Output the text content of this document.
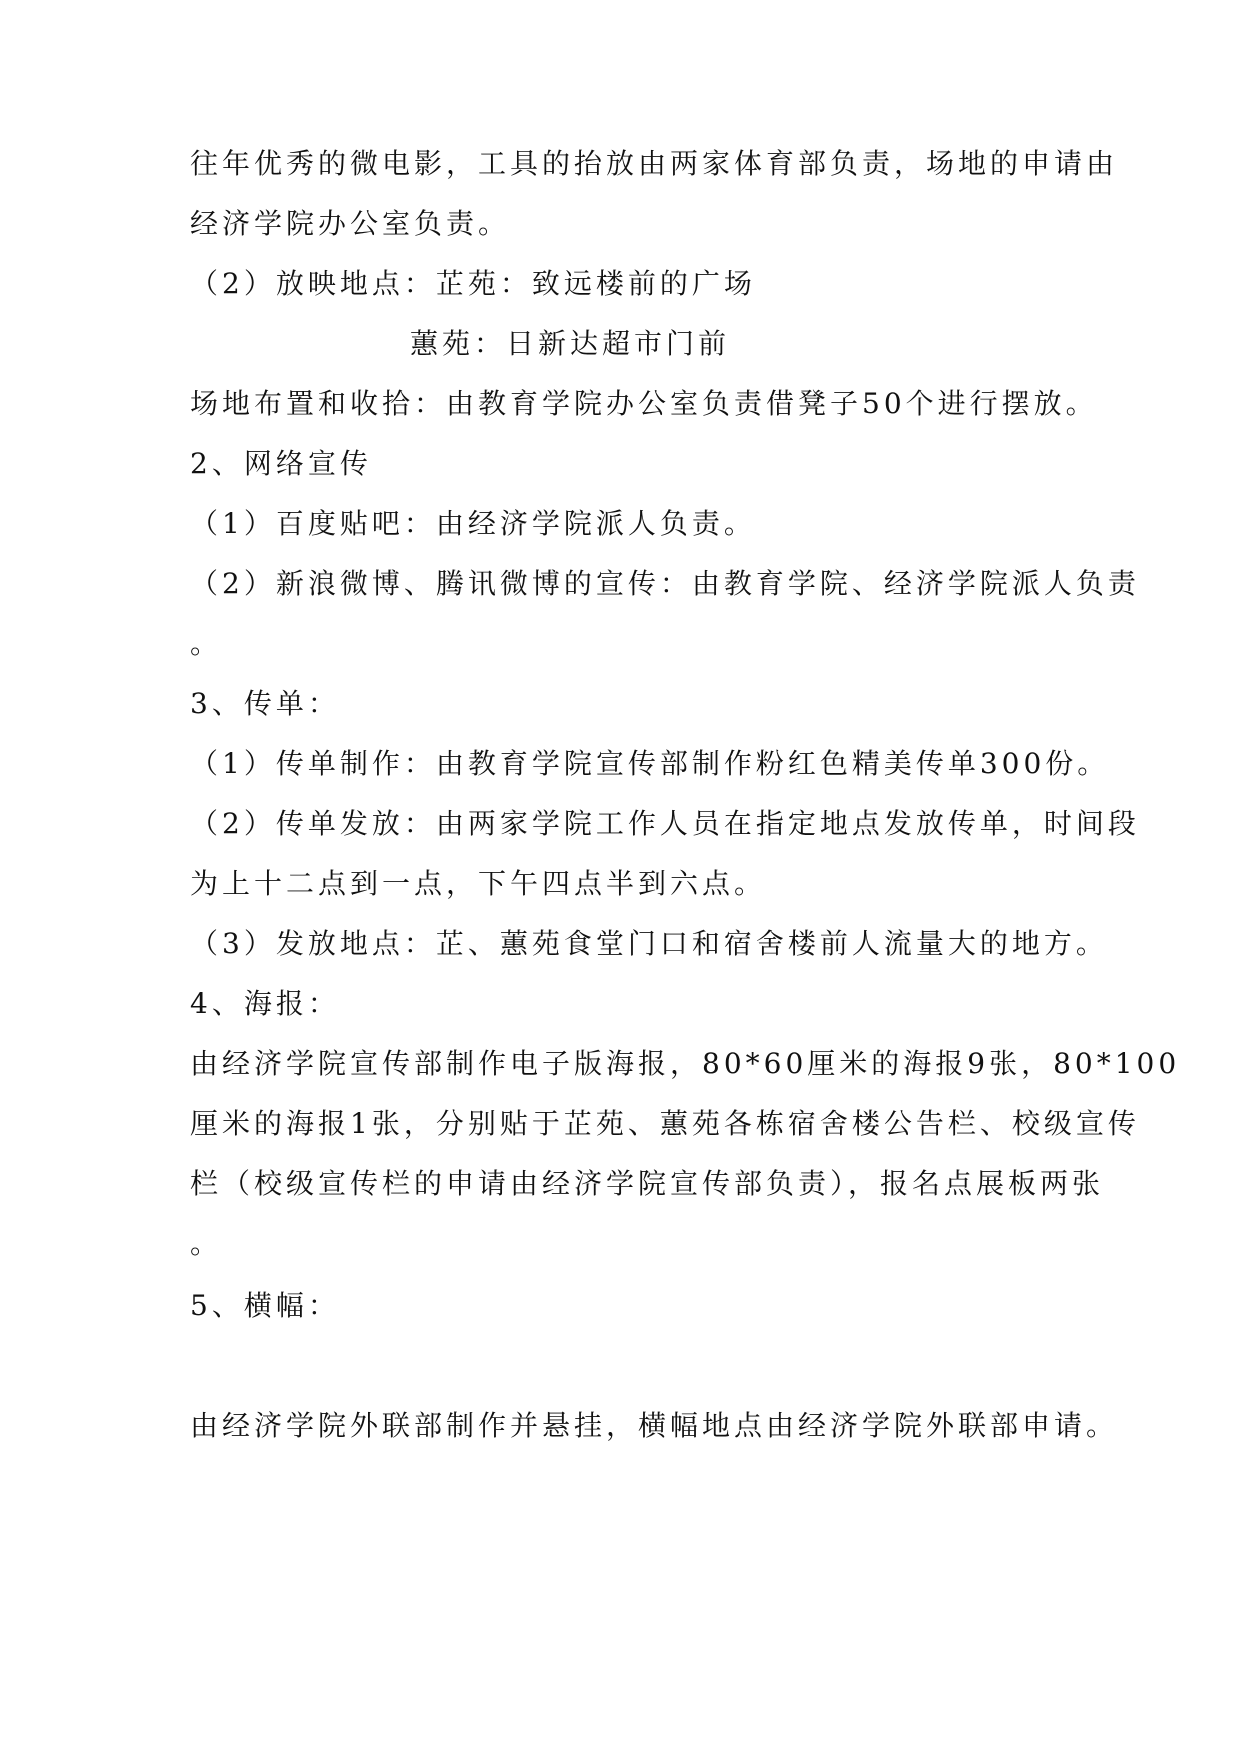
往年优秀的微电影，工具的抬放由两家体育部负责，场地的申请由
经济学院办公室负责。
（2）放映地点：芷苑：致远楼前的广场
蕙苑：日新达超市门前
场地布置和收拾：由教育学院办公室负责借凳子50个进行摆放。
2、网络宣传
（1）百度贴吧：由经济学院派人负责。
（2）新浪微博、腾讯微博的宣传：由教育学院、经济学院派人负责
。
3、传单：
（1）传单制作：由教育学院宣传部制作粉红色精美传单300份。
（2）传单发放：由两家学院工作人员在指定地点发放传单，时间段
为上十二点到一点，下午四点半到六点。
（3）发放地点：芷、蕙苑食堂门口和宿舍楼前人流量大的地方。
4、海报：
由经济学院宣传部制作电子版海报，80*60厘米的海报9张，80*100
厘米的海报1张，分别贴于芷苑、蕙苑各栋宿舍楼公告栏、校级宣传
栏（校级宣传栏的申请由经济学院宣传部负责），报名点展板两张
。
5、横幅：
由经济学院外联部制作并悬挂，横幅地点由经济学院外联部申请。
